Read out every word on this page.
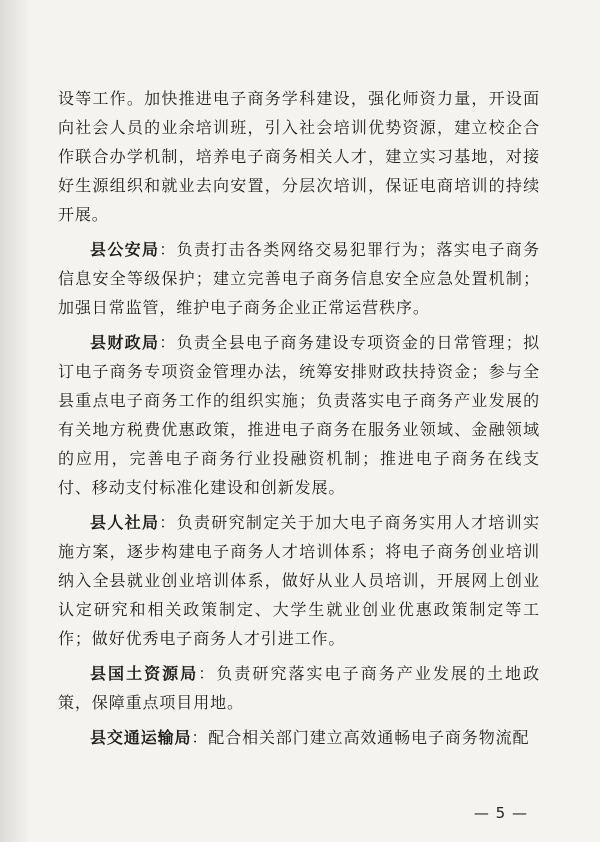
设等工作。加快推进电子商务学科建设，强化师资力量，开设面向社会人员的业余培训班，引入社会培训优势资源，建立校企合作联合办学机制，培养电子商务相关人才，建立实习基地，对接好生源组织和就业去向安置，分层次培训，保证电商培训的持续开展。

县公安局：负责打击各类网络交易犯罪行为；落实电子商务信息安全等级保护；建立完善电子商务信息安全应急处置机制；加强日常监管，维护电子商务企业正常运营秩序。

县财政局：负责全县电子商务建设专项资金的日常管理；拟订电子商务专项资金管理办法，统筹安排财政扶持资金；参与全县重点电子商务工作的组织实施；负责落实电子商务产业发展的有关地方税费优惠政策，推进电子商务在服务业领域、金融领域的应用，完善电子商务行业投融资机制；推进电子商务在线支付、移动支付标准化建设和创新发展。

县人社局：负责研究制定关于加大电子商务实用人才培训实施方案，逐步构建电子商务人才培训体系；将电子商务创业培训纳入全县就业创业培训体系，做好从业人员培训，开展网上创业认定研究和相关政策制定、大学生就业创业优惠政策制定等工作；做好优秀电子商务人才引进工作。

县国土资源局：负责研究落实电子商务产业发展的土地政策，保障重点项目用地。

县交通运输局：配合相关部门建立高效通畅电子商务物流配

— 5 —
